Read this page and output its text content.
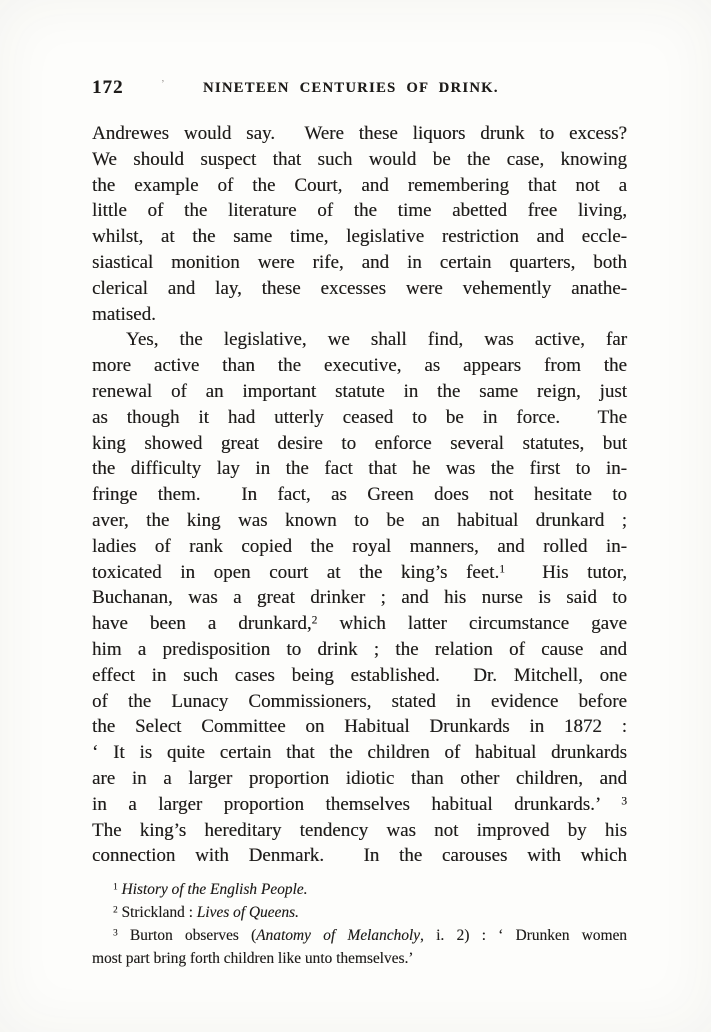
172	’	NINETEEN CENTURIES OF DRINK.
Andrewes would say.  Were these liquors drunk to excess?
We should suspect that such would be the case, knowing
the example of the Court, and remembering that not a
little of the literature of the time abetted free living,
whilst, at the same time, legislative restriction and eccle-
siastical monition were rife, and in certain quarters, both
clerical and lay, these excesses were vehemently anathe-
matised.
Yes, the legislative, we shall find, was active, far
more active than the executive, as appears from the
renewal of an important statute in the same reign, just
as though it had utterly ceased to be in force.  The
king showed great desire to enforce several statutes, but
the difficulty lay in the fact that he was the first to in-
fringe them.  In fact, as Green does not hesitate to
aver, the king was known to be an habitual drunkard ;
ladies of rank copied the royal manners, and rolled in-
toxicated in open court at the king’s feet.$^1$  His tutor,
Buchanan, was a great drinker ; and his nurse is said to
have been a drunkard,$^2$ which latter circumstance gave
him a predisposition to drink ; the relation of cause and
effect in such cases being established.  Dr. Mitchell, one
of the Lunacy Commissioners, stated in evidence before
the Select Committee on Habitual Drunkards in 1872 :
‘ It is quite certain that the children of habitual drunkards
are in a larger proportion idiotic than other children, and
in a larger proportion themselves habitual drunkards.’ $^3$
The king’s hereditary tendency was not improved by his
connection with Denmark.  In the carouses with which
$^1$ History of the English People.
$^2$ Strickland : Lives of Queens.
$^3$ Burton observes (Anatomy of Melancholy, i. 2) : ‘ Drunken women
most part bring forth children like unto themselves.’
